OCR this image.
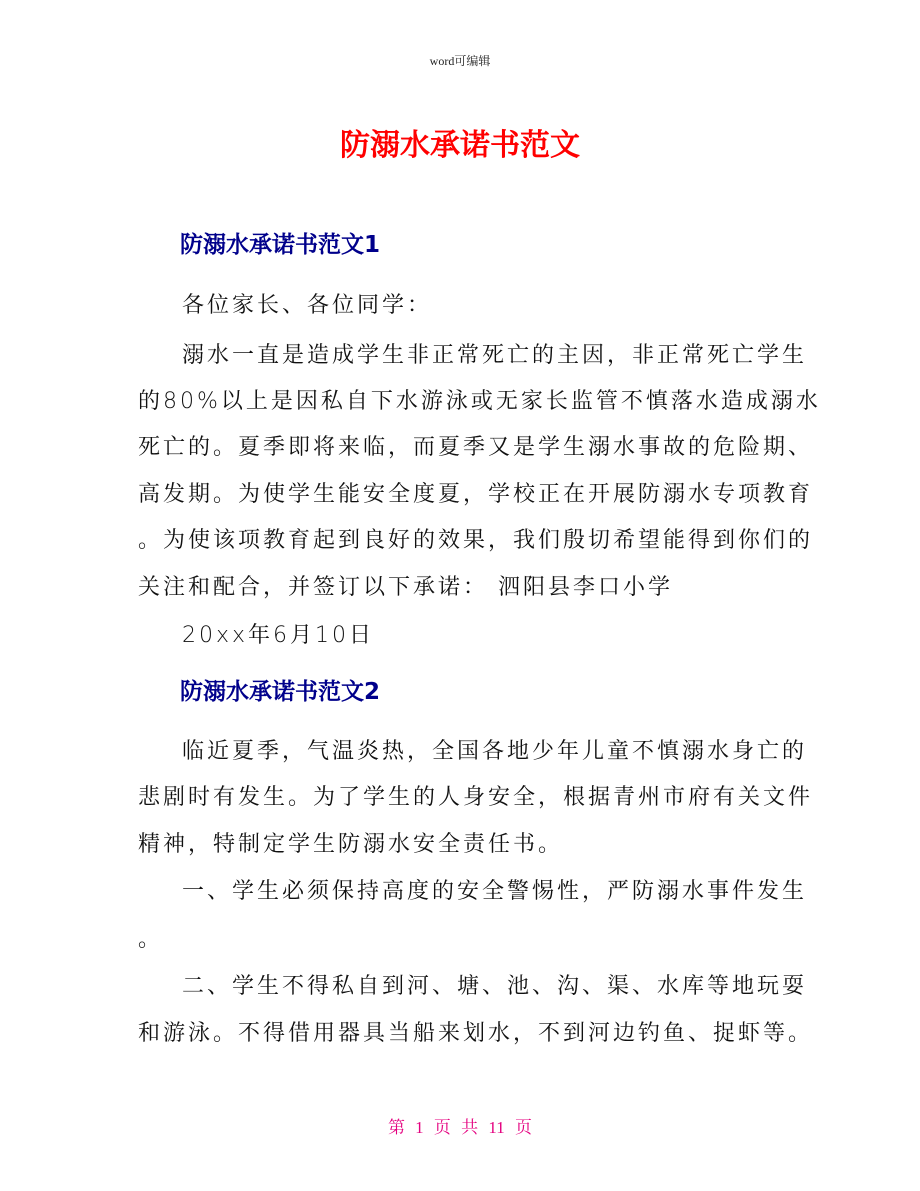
word可编辑
防溺水承诺书范文
防溺水承诺书范文1
各位家长、各位同学：
溺水一直是造成学生非正常死亡的主因，非正常死亡学生
的80%以上是因私自下水游泳或无家长监管不慎落水造成溺水
死亡的。夏季即将来临，而夏季又是学生溺水事故的危险期、
高发期。为使学生能安全度夏，学校正在开展防溺水专项教育
。为使该项教育起到良好的效果，我们殷切希望能得到你们的
关注和配合，并签订以下承诺： 泗阳县李口小学
20xx年6月10日
防溺水承诺书范文2
临近夏季，气温炎热，全国各地少年儿童不慎溺水身亡的
悲剧时有发生。为了学生的人身安全，根据青州市府有关文件
精神，特制定学生防溺水安全责任书。
一、学生必须保持高度的安全警惕性，严防溺水事件发生
。
二、学生不得私自到河、塘、池、沟、渠、水库等地玩耍
和游泳。不得借用器具当船来划水，不到河边钓鱼、捉虾等。
第 1 页 共 11 页
